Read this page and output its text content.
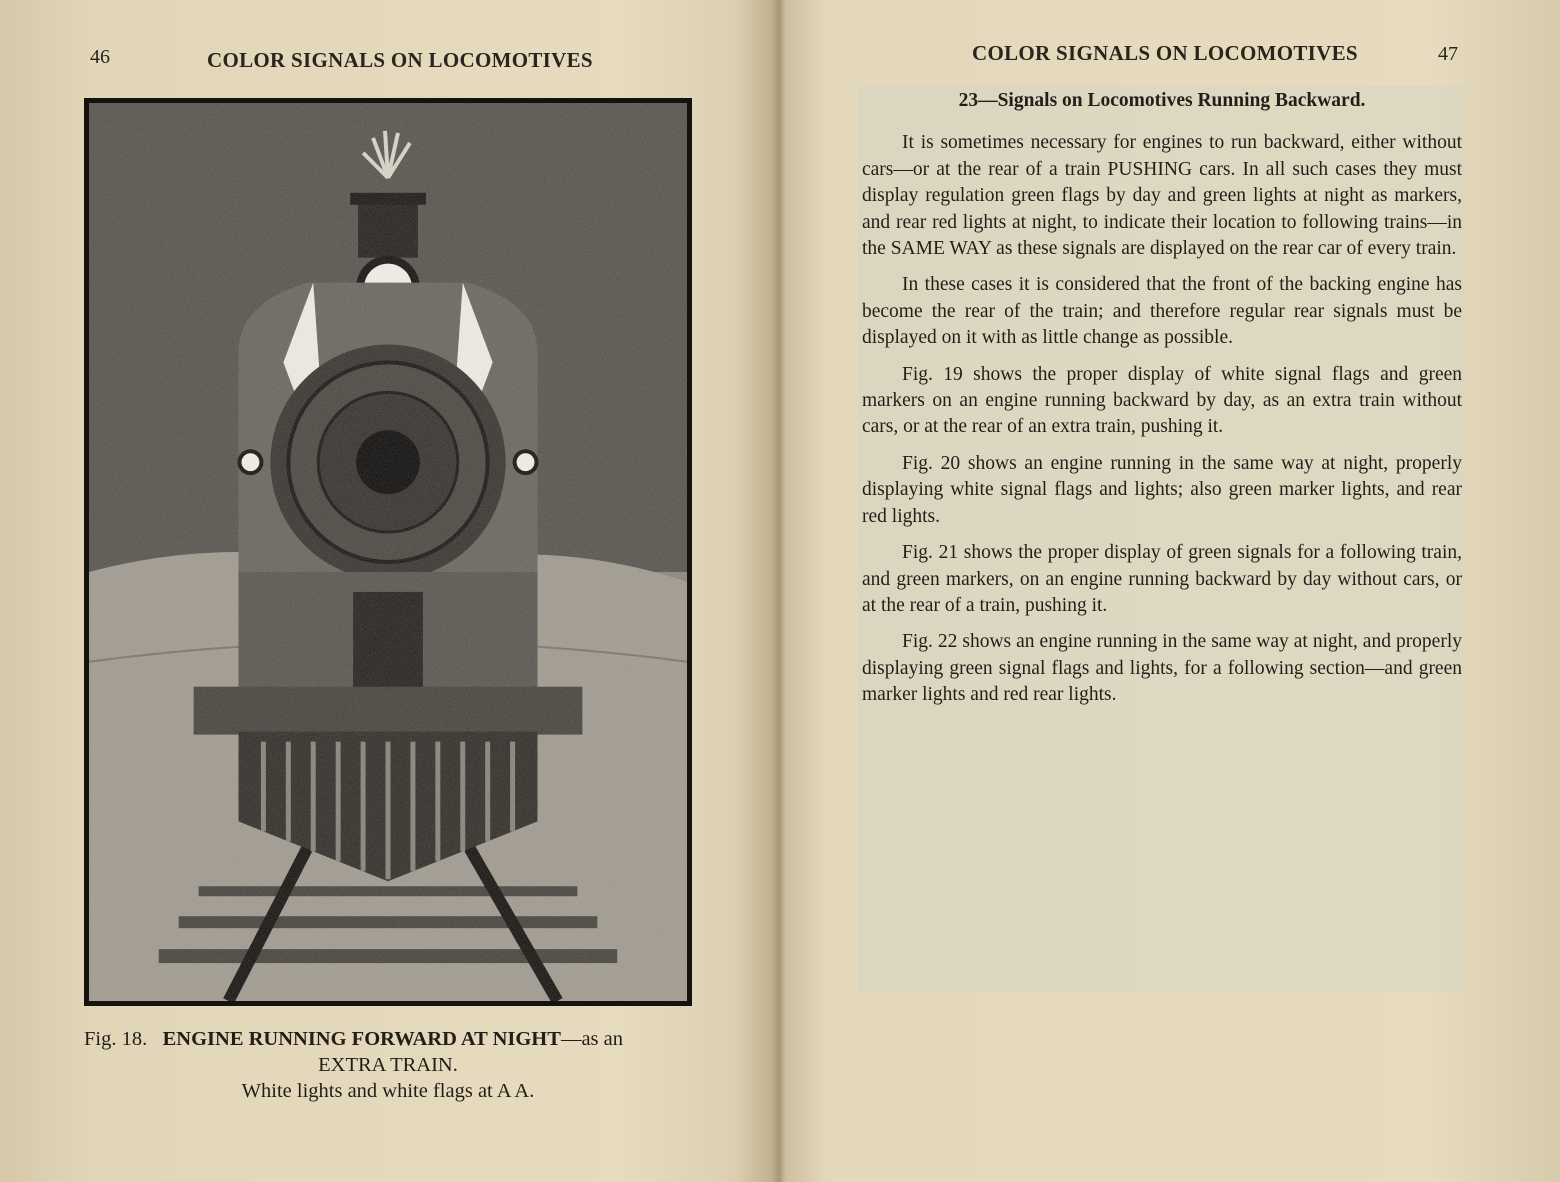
46	COLOR SIGNALS ON LOCOMOTIVES
Fig. 18. ENGINE RUNNING FORWARD AT NIGHT—as an
EXTRA TRAIN.
White lights and white flags at A A.
COLOR SIGNALS ON LOCOMOTIVES	47
23—Signals on Locomotives Running Backward.

It is sometimes necessary for engines to run backward, either without cars—or at the rear of a train PUSHING cars. In all such cases they must display regulation green flags by day and green lights at night as markers, and rear red lights at night, to indicate their location to following trains—in the SAME WAY as these signals are displayed on the rear car of every train.

In these cases it is considered that the front of the backing engine has become the rear of the train; and therefore regular rear signals must be displayed on it with as little change as possible.

Fig. 19 shows the proper display of white signal flags and green markers on an engine running backward by day, as an extra train without cars, or at the rear of an extra train, pushing it.

Fig. 20 shows an engine running in the same way at night, properly displaying white signal flags and lights; also green marker lights, and rear red lights.

Fig. 21 shows the proper display of green signals for a following train, and green markers, on an engine running backward by day without cars, or at the rear of a train, pushing it.

Fig. 22 shows an engine running in the same way at night, and properly displaying green signal flags and lights, for a following section—and green marker lights and red rear lights.
